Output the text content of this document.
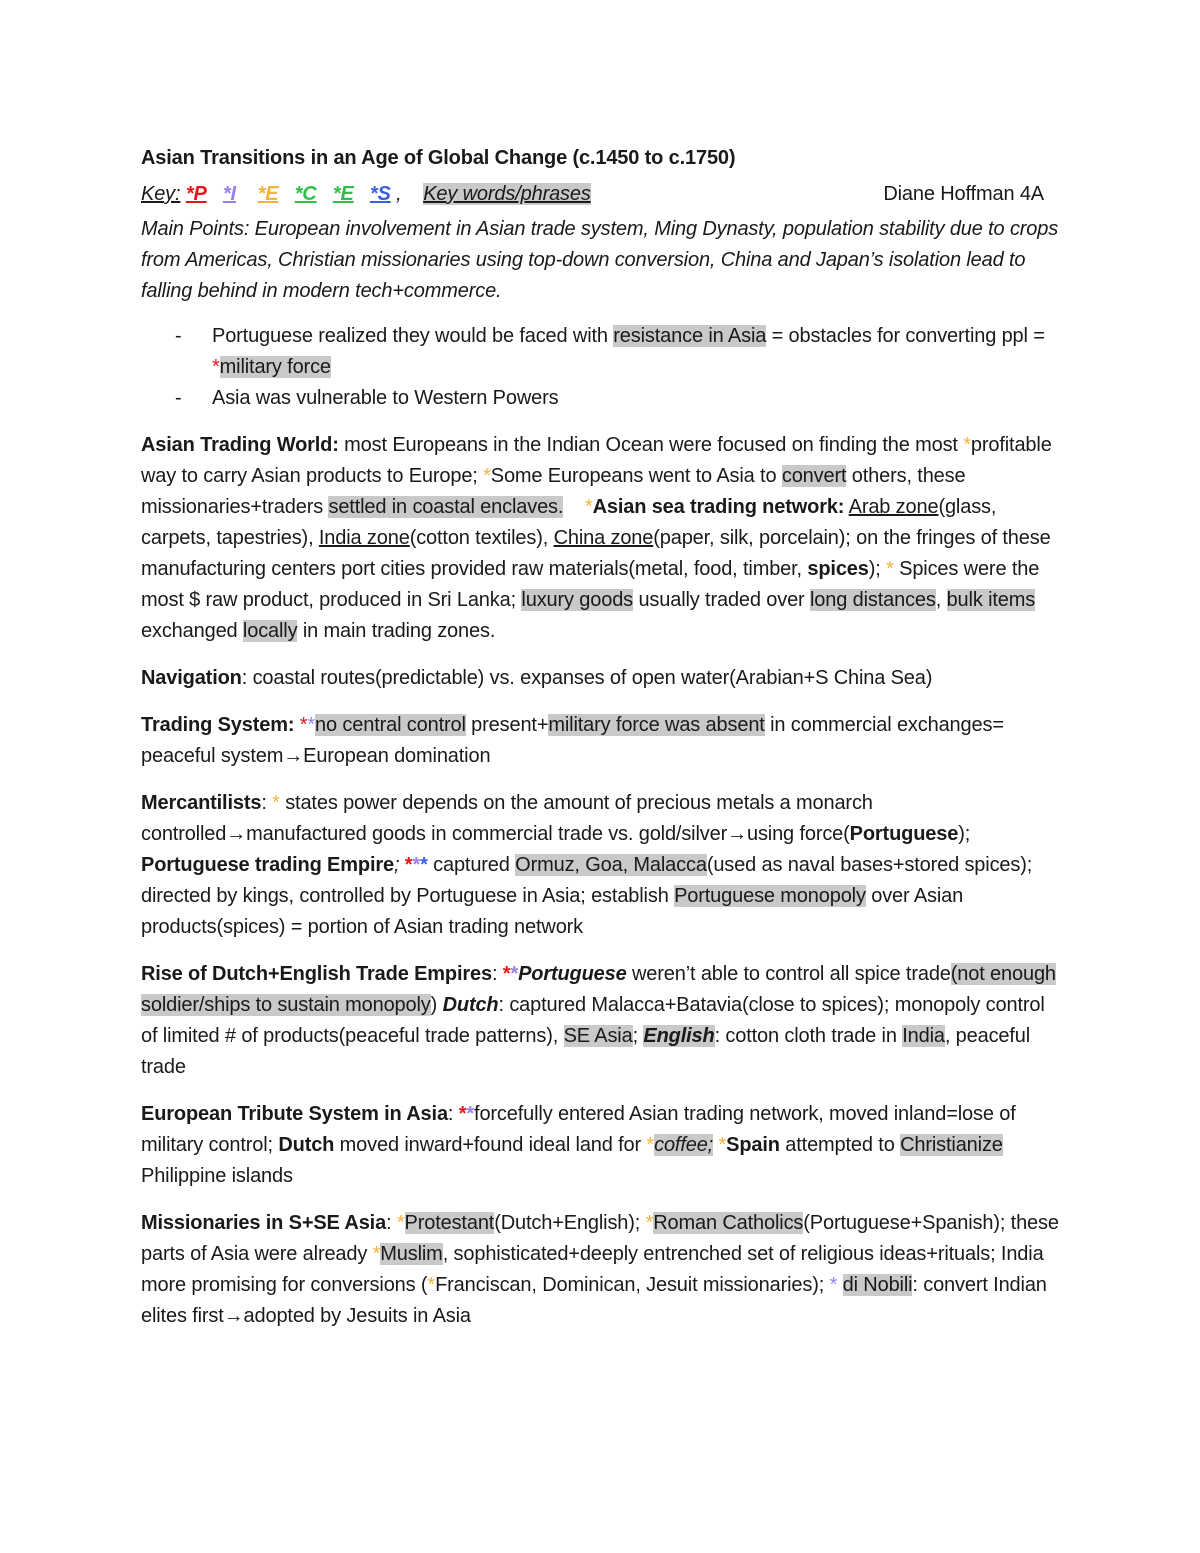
Asian Transitions in an Age of Global Change (c.1450 to c.1750)

Key: *P *I *E *C *E *S , Key words/phrases	Diane Hoffman 4A

Main Points: European involvement in Asian trade system, Ming Dynasty, population stability due to crops from Americas, Christian missionaries using top-down conversion, China and Japan’s isolation lead to falling behind in modern tech+commerce.

- Portuguese realized they would be faced with resistance in Asia = obstacles for converting ppl = *military force
- Asia was vulnerable to Western Powers

Asian Trading World: most Europeans in the Indian Ocean were focused on finding the most *profitable way to carry Asian products to Europe; *Some Europeans went to Asia to convert others, these missionaries+traders settled in coastal enclaves. *Asian sea trading network: Arab zone(glass, carpets, tapestries), India zone(cotton textiles), China zone(paper, silk, porcelain); on the fringes of these manufacturing centers port cities provided raw materials(metal, food, timber, spices); * Spices were the most $ raw product, produced in Sri Lanka; luxury goods usually traded over long distances, bulk items exchanged locally in main trading zones.

Navigation: coastal routes(predictable) vs. expanses of open water(Arabian+S China Sea)

Trading System: **no central control present+military force was absent in commercial exchanges= peaceful system→European domination

Mercantilists: * states power depends on the amount of precious metals a monarch controlled→manufactured goods in commercial trade vs. gold/silver→using force(Portuguese); Portuguese trading Empire; *** captured Ormuz, Goa, Malacca(used as naval bases+stored spices); directed by kings, controlled by Portuguese in Asia; establish Portuguese monopoly over Asian products(spices) = portion of Asian trading network

Rise of Dutch+English Trade Empires: **Portuguese weren’t able to control all spice trade(not enough soldier/ships to sustain monopoly) Dutch: captured Malacca+Batavia(close to spices); monopoly control of limited # of products(peaceful trade patterns), SE Asia; English: cotton cloth trade in India, peaceful trade

European Tribute System in Asia: **forcefully entered Asian trading network, moved inland=lose of military control; Dutch moved inward+found ideal land for *coffee; *Spain attempted to Christianize Philippine islands

Missionaries in S+SE Asia: *Protestant(Dutch+English); *Roman Catholics(Portuguese+Spanish); these parts of Asia were already *Muslim, sophisticated+deeply entrenched set of religious ideas+rituals; India more promising for conversions (*Franciscan, Dominican, Jesuit missionaries); * di Nobili: convert Indian elites first→adopted by Jesuits in Asia
